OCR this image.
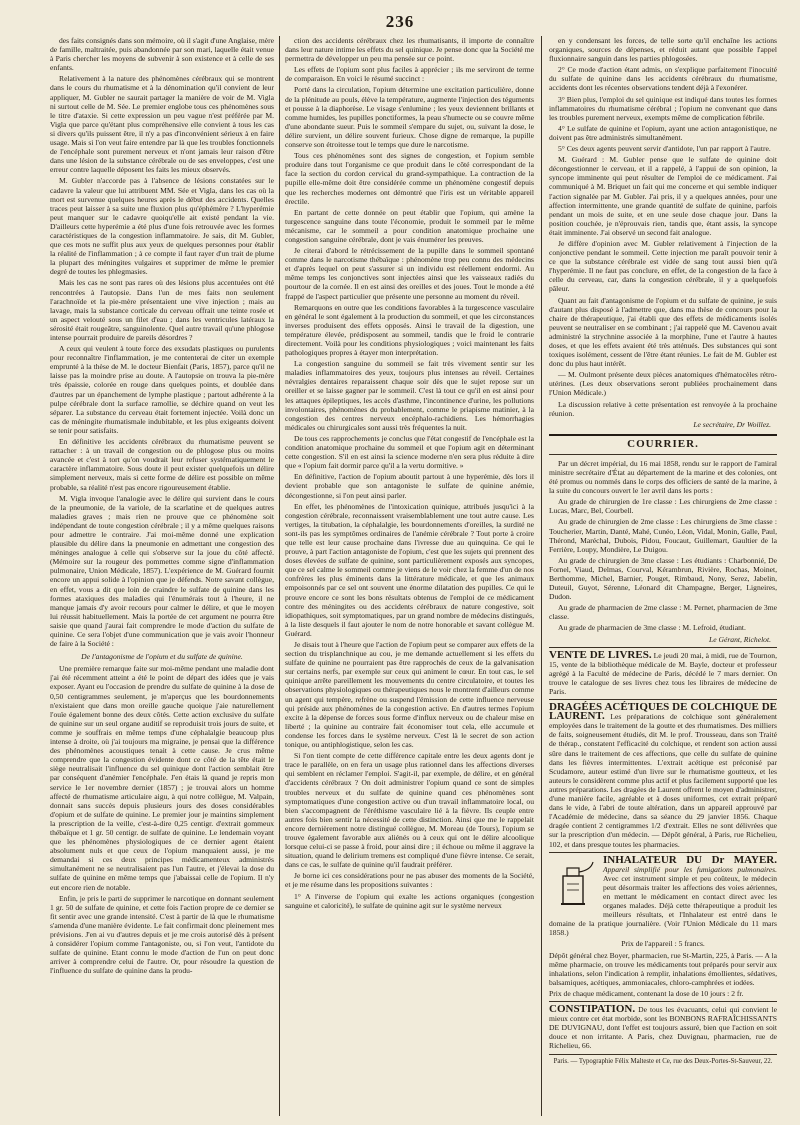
236

des faits consignés dans son mémoire, où il s'agit d'une Anglaise, mère de famille, maltraitée, puis abandonnée par son mari, laquelle était venue à Paris chercher les moyens de subvenir à son existence et à celle de ses enfants.

Relativement à la nature des phénomènes cérébraux qui se montrent dans le cours du rhumatisme et à la dénomination qu'il convient de leur appliquer, M. Gubler ne saurait partager la manière de voir de M. Vigla ni surtout celle de M. Sée. Le premier englobe tous ces phénomènes sous le titre d'ataxie. Si cette expression un peu vague n'est préférée par M. Vigla que parce qu'étant plus compréhensive elle convient à tous les cas si divers qu'ils puissent être, il n'y a pas d'inconvénient sérieux à en faire usage. Mais si l'on veut faire entendre par là que les troubles fonctionnels de l'encéphale sont purement nerveux et n'ont jamais leur raison d'être dans une lésion de la substance cérébrale ou de ses enveloppes, c'est une erreur contre laquelle déposent les faits les mieux observés.

M. Gubler n'accorde pas à l'absence de lésions constatées sur le cadavre la valeur que lui attribuent MM. Sée et Vigla, dans les cas où la mort est survenue quelques heures après le début des accidents. Quelles traces peut laisser à sa suite une fluxion plus qu'éphémère ? L'hyperémie peut manquer sur le cadavre quoiqu'elle ait existé pendant la vie. D'ailleurs cette hyperémie a été plus d'une fois retrouvée avec les formes caractéristiques de la congestion inflammatoire. Je sais, dit M. Gubler, que ces mots ne suffit plus aux yeux de quelques personnes pour établir la réalité de l'inflammation ; à ce compte il faut rayer d'un trait de plume la plupart des méningites vulgaires et supprimer de même le premier degré de toutes les phlegmasies.

Mais les cas ne sont pas rares où des lésions plus accentuées ont été rencontrées à l'autopsie. Dans l'un de mes faits non seulement l'arachnoïde et la pie-mère présentaient une vive injection ; mais au lavage, mais la substance corticale du cerveau offrait une teinte rosée et un aspect velouté sous un filet d'eau ; dans les ventricules latéraux la sérosité était rougeâtre, sanguinolente. Quel autre travail qu'une phlogose intense pourrait produire de pareils désordres ?

A ceux qui veulent à toute force des exsudats plastiques ou purulents pour reconnaître l'inflammation, je me contenterai de citer un exemple emprunté à la thèse de M. le docteur Bienfait (Paris, 1857), parce qu'il ne laisse pas la moindre prise au doute. A l'autopsie on trouva la pie-mère très épaissie, colorée en rouge dans quelques points, et doublée dans d'autres par un épanchement de lymphe plastique ; partout adhérente à la pulpe cérébrale dont la surface ramollie, se déchire quand on veut les séparer. La substance du cerveau était fortement injectée. Voilà donc un cas de méningite rhumatismale indubitable, et les plus exigeants doivent se tenir pour satisfaits.

En définitive les accidents cérébraux du rhumatisme peuvent se rattacher : à un travail de congestion ou de phlogose plus ou moins avancée et c'est à tort qu'on voudrait leur refuser systématiquement le caractère inflammatoire. Sous doute il peut exister quelquefois un délire simplement nerveux, mais si cette forme de délire est possible on même probable, sa réalité n'est pas encore rigoureusement établie.

M. Vigla invoque l'analogie avec le délire qui survient dans le cours de la pneumonie, de la variole, de la scarlatine et de quelques autres maladies graves ; mais rien ne prouve que ce phénomène soit indépendant de toute congestion cérébrale ; il y a même quelques raisons pour admettre le contraire. J'ai moi-même donné une explication plausible du délire dans la pneumonie en admettant une congestion des méninges analogue à celle qui s'observe sur la joue du côté affecté. (Mémoire sur la rougeur des pommettes comme signe d'inflammation pulmonaire, Union Médicale, 1857). L'expérience de M. Guérard fournit encore un appui solide à l'opinion que je défends. Notre savant collègue, en effet, vous a dit que loin de craindre le sulfate de quinine dans les formes ataxiques des maladies qui l'énumérais tout à l'heure, il ne manque jamais d'y avoir recours pour calmer le délire, et que le moyen lui réussit habituellement. Mais la portée de cet argument ne pourra être saisie que quand j'aurai fait comprendre le mode d'action du sulfate de quinine. Ce sera l'objet d'une communication que je vais avoir l'honneur de faire à la Société :

De l'antagonisme de l'opium et du sulfate de quinine.

Une première remarque faite sur moi-même pendant une maladie dont j'ai été récemment atteint a été le point de départ des idées que je vais exposer. Ayant eu l'occasion de prendre du sulfate de quinine à la dose de 0,50 centigrammes seulement, je m'aperçus que les bourdonnements n'existaient que dans mon oreille gauche quoique j'aie naturellement l'ouïe également bonne des deux côtés. Cette action exclusive du sulfate de quinine sur un seul organe auditif se reproduisit trois jours de suite, et comme je souffrais en même temps d'une céphalalgie beaucoup plus intense à droite, où j'ai toujours ma migraine, je pensai que la différence des phénomènes acoustiques tenait à cette cause. Je crus même comprendre que la congestion évidente dont ce côté de la tête était le siège neutralisait l'influence du sel quinique dont l'action semblait être par conséquent d'anémier l'encéphale. J'en étais là quand je repris mon service le 1er novembre dernier (1857) ; je trouvai alors un homme affecté de rhumatisme articulaire aigu, à qui notre collègue, M. Valpain, donnait sans succès depuis plusieurs jours des doses considérables d'opium et de sulfate de quinine. Le premier jour je maintins simplement la prescription de la veille, c'est-à-dire 0,25 centigr. d'extrait gommeux thébaïque et 1 gr. 50 centigr. de sulfate de quinine. Le lendemain voyant que les phénomènes physiologiques de ce dernier agent étaient absolument nuls et que ceux de l'opium manquaient aussi, je me demandai si ces deux principes médicamenteux administrés simultanément ne se neutralisaient pas l'un l'autre, et j'élevai la dose du sulfate de quinine en même temps que j'abaissai celle de l'opium. Il n'y eut encore rien de notable.

Enfin, je pris le parti de supprimer le narcotique en donnant seulement 1 gr. 50 de sulfate de quinine, et cette fois l'action propre de ce dernier se fit sentir avec une grande intensité. C'est à partir de là que le rhumatisme s'amenda d'une manière évidente. Le fait confirmait donc pleinement mes prévisions. J'en ai vu d'autres depuis et je me crois autorisé dès à présent à considérer l'opium comme l'antagoniste, ou, si l'on veut, l'antidote du sulfate de quinine. Etant connu le mode d'action de l'un on peut donc arriver à comprendre celui de l'autre. Or, pour résoudre la question de l'influence du sulfate de quinine dans la produ-

ction des accidents cérébraux chez les rhumatisants, il importe de connaître dans leur nature intime les effets du sel quinique. Je pense donc que la Société me permettra de développer un peu ma pensée sur ce point.

Les effets de l'opium sont plus faciles à apprécier ; ils me serviront de terme de comparaison. En voici le résumé succinct :

Porté dans la circulation, l'opium détermine une excitation particulière, donne de la plénitude au pouls, élève la température, augmente l'injection des téguments et pousse à la diaphorèse. Le visage s'enlumine ; les yeux deviennent brillants et comme humides, les pupilles ponctiformes, la peau s'humecte ou se couvre même d'une abondante sueur. Puis le sommeil s'empare du sujet, ou, suivant la dose, le délire survient, un délire souvent furieux. Chose digne de remarque, la pupille conserve son étroitesse tout le temps que dure le narcotisme.

Tous ces phénomènes sont des signes de congestion, et l'opium semble produire dans tout l'organisme ce que produit dans le côté correspondant de la face la section du cordon cervical du grand-sympathique. La contraction de la pupille elle-même doit être considérée comme un phénomène congestif depuis que les recherches modernes ont démontré que l'iris est un véritable appareil érectile.

En partant de cette donnée on peut établir que l'opium, qui amène la turgescence sanguine dans toute l'économie, produit le sommeil par le même mécanisme, car le sommeil a pour condition anatomique prochaine une congestion sanguine cérébrale, dont je vais énumérer les preuves.

Je citerai d'abord le rétrécissement de la pupille dans le sommeil spontané comme dans le narcotisme thébaïque : phénomène trop peu connu des médecins et d'après lequel on peut s'assurer si un individu est réellement endormi. Au même temps les conjonctives sont injectées ainsi que les vaisseaux radiés du pourtour de la cornée. Il en est ainsi des oreilles et des joues. Tout le monde a été frappé de l'aspect particulier que présente une personne au moment du réveil.

Remarquons en outre que les conditions favorables à la turgescence vasculaire en général le sont également à la production du sommeil, et que les circonstances inverses produisent des effets opposés. Ainsi le travail de la digestion, une température élevée, prédisposent au sommeil, tandis que le froid le contrarie directement. Voilà pour les conditions physiologiques ; voici maintenant les faits pathologiques propres à étayer mon interprétation.

La congestion sanguine du sommeil se fait très vivement sentir sur les maladies inflammatoires des yeux, toujours plus intenses au réveil. Certaines névralgies dentaires reparaissent chaque soir dès que le sujet repose sur un oreiller et se laisse gagner par le sommeil. C'est là tout ce qu'il en est ainsi pour les attaques épileptiques, les accès d'asthme, l'incontinence d'urine, les pollutions involontaires, phénomènes du probablement, comme le priapisme matinier, à la congestion des centres nerveux encéphalo-rachidiens. Les hémorrhagies médicales ou chirurgicales sont aussi très fréquentes la nuit.

De tous ces rapprochements je conclus que l'état congestif de l'encéphale est la condition anatomique prochaine du sommeil et que l'opium agit en déterminant cette congestion. S'il en est ainsi la science moderne n'en sera plus réduite à dire que « l'opium fait dormir parce qu'il a la vertu dormitive. »

En définitive, l'action de l'opium aboutit partout à une hyperémie, dès lors il devient probable que son antagoniste le sulfate de quinine anémie, décongestionne, si l'on peut ainsi parler.

En effet, les phénomènes de l'intoxication quinique, attribués jusqu'ici à la congestion cérébrale, reconnaissent vraisemblablement une tout autre cause. Les vertiges, la titubation, la céphalalgie, les bourdonnements d'oreilles, la surdité ne sont-ils pas les symptômes ordinaires de l'anémie cérébrale ? Tout porte à croire que telle est leur cause prochaine dans l'ivresse due au quinquina. Ce qui le prouve, à part l'action antagoniste de l'opium, c'est que les sujets qui prennent des doses élevées de sulfate de quinine, sont particulièrement exposés aux syncopes, que ce sel calme le sommeil comme je viens de le voir chez la femme d'un de nos confrères les plus éminents dans la littérature médicale, et que les animaux empoisonnés par ce sel ont souvent une énorme dilatation des pupilles. Ce qui le prouve encore ce sont les bons résultats obtenus de l'emploi de ce médicament contre des méningites ou des accidents cérébraux de nature congestive, soit idiopathiques, soit symptomatiques, par un grand nombre de médecins distingués, à la liste desquels il faut ajouter le nom de notre honorable et savant collègue M. Guérard.

Je disais tout à l'heure que l'action de l'opium peut se comparer aux effets de la section du trisplanchnique au cou, je me demande actuellement si les effets du sulfate de quinine ne pourraient pas être rapprochés de ceux de la galvanisation sur certains nerfs, par exemple sur ceux qui animent le cœur. En tout cas, le sel quinique arrête pareillement les mouvements du centre circulatoire, et toutes les observations physiologiques ou thérapeutiques nous le montrent d'ailleurs comme un agent qui tempère, refrène ou suspend l'émission de cette influence nerveuse qui préside aux phénomènes de la congestion active. En d'autres termes l'opium excite à la dépense de forces sous forme d'influx nerveux ou de chaleur mise en liberté ; la quinine au contraire fait économiser tout cela, elle accumule et condense les forces dans le système nerveux. C'est là le secret de son action tonique, ou antiphlogistique, selon les cas.

Si l'on tient compte de cette différence capitale entre les deux agents dont je trace le parallèle, on en fera un usage plus rationnel dans les affections diverses qui semblent en réclamer l'emploi. S'agit-il, par exemple, de délire, et en général d'accidents cérébraux ? On doit administrer l'opium quand ce sont de simples troubles nerveux et du sulfate de quinine quand ces phénomènes sont symptomatiques d'une congestion active ou d'un travail inflammatoire local, ou bien s'accompagnent de l'éréthisme vasculaire lié à la fièvre. Ils ceuple entre autres fois bien sentir la nécessité de cette distinction. Ainsi que me le rappelait encore dernièrement notre distingué collègue, M. Moreau (de Tours), l'opium se trouve également favorable aux aliénés ou à ceux qui ont le délire alcoolique lorsque celui-ci se passe à froid, pour ainsi dire ; il échoue ou même il aggrave la situation, quand le delirium tremens est compliqué d'une fièvre intense. Ce serait, dans ce cas, le sulfate de quinine qu'il faudrait préférer.

Je borne ici ces considérations pour ne pas abuser des moments de la Société, et je me résume dans les propositions suivantes :

1° A l'inverse de l'opium qui exalte les actions organiques (congestion sanguine et caloricité), le sulfate de quinine agit sur le système nerveux

en y condensant les forces, de telle sorte qu'il enchaîne les actions organiques, sources de dépenses, et réduit autant que possible l'appel fluxionnaire sanguin dans les parties phlogosées.

2° Ce mode d'action étant admis, on s'explique parfaitement l'inocuité du sulfate de quinine dans les accidents cérébraux du rhumatisme, accidents dont les récentes observations tendent déjà à l'exonérer.

3° Bien plus, l'emploi du sel quinique est indiqué dans toutes les formes inflammatoires du rhumatisme cérébral ; l'opium ne convenant que dans les troubles purement nerveux, exempts même de complication fébrile.

4° Le sulfate de quinine et l'opium, ayant une action antagonistique, ne doivent pas être administrés simultanément.

5° Ces deux agents peuvent servir d'antidote, l'un par rapport à l'autre.

M. Guérard : M. Gubler pense que le sulfate de quinine doit décongestionner le cerveau, et il a rappelé, à l'appui de son opinion, la syncope imminente qui peut résulter de l'emploi de ce médicament. J'ai communiqué à M. Briquet un fait qui me concerne et qui semble indiquer l'action signalée par M. Gubler. J'ai pris, il y a quelques années, pour une affection intermittente, une grande quantité de sulfate de quinine, parfois pendant un mois de suite, et en une seule dose chaque jour. Dans la position couchée, je n'éprouvais rien, tandis que, étant assis, la syncope était imminente. J'ai observé un second fait analogue.

Je diffère d'opinion avec M. Gubler relativement à l'injection de la conjonctive pendant le sommeil. Cette injection me paraît pouvoir tenir à ce que la substance cérébrale est vidée de sang tout aussi bien qu'à l'hyperémie. Il ne faut pas conclure, en effet, de la congestion de la face à celle du cerveau, car, dans la congestion cérébrale, il y a quelquefois pâleur.

Quant au fait d'antagonisme de l'opium et du sulfate de quinine, je suis d'autant plus disposé à l'admettre que, dans ma thèse de concours pour la chaire de thérapeutique, j'ai établi que des effets de médicaments isolés peuvent se neutraliser en se combinant ; j'ai rappelé que M. Cavenou avait administré la strychnine associée à la morphine, l'une et l'autre à hautes doses, et que les effets avaient été très atténués. Des substances qui sont toxiques isolément, cessent de l'être étant réunies. Le fait de M. Gubler est donc du plus haut intérêt.

— M. Oulmont présente deux pièces anatomiques d'hématocèles rétro-utérines. (Les deux observations seront publiées prochainement dans l'Union Médicale.)

La discussion relative à cette présentation est renvoyée à la prochaine réunion.

Le secrétaire, Dr Woillez.

COURRIER.

Par un décret impérial, du 16 mai 1858, rendu sur le rapport de l'amiral ministre secrétaire d'État au département de la marine et des colonies, ont été promus ou nommés dans le corps des officiers de santé de la marine, à la suite du concours ouvert le 1er avril dans les ports :

Au grade de chirurgien de 1re classe : Les chirurgiens de 2me classe : Lucas, Marc, Bel, Courbell.

Au grade de chirurgien de 2me classe : Les chirurgiens de 3me classe : Toucherier, Martin, Danté, Mahé, Cunéo, Léon, Vidal, Monin, Galle, Paul, Thérond, Maréchal, Dubois, Pidou, Foucaut, Guillemart, Gaultier de la Ferrière, Loupy, Mondière, Le Duigou.

Au grade de chirurgien de 3me classe : Les étudiants : Charbonnié, De Fornel, Viaud, Delmas, Courval, Kérambrun, Rivière, Rochas, Moinet, Berthomme, Michel, Barnier, Pouget, Rimbaud, Nony, Serez, Jabelin, Duteuil, Guyot, Sérenne, Léonard dit Champagne, Berger, Ligneires, Dudon.

Au grade de pharmacien de 2me classe : M. Pernet, pharmacien de 3me classe.

Au grade de pharmacien de 3me classe : M. Lefroid, étudiant.

Le Gérant, Richelot.

VENTE DE LIVRES. Le jeudi 20 mai, à midi, rue de Tournon, 15, vente de la bibliothèque médicale de M. Bayle, docteur et professeur agrégé à la Faculté de médecine de Paris, décédé le 7 mars dernier. On trouve le catalogue de ses livres chez tous les libraires de médecine de Paris.

DRAGÉES ACÉTIQUES DE COLCHIQUE DE LAURENT. Les préparations de colchique sont généralement employées dans le traitement de la goutte et des rhumatismes. Des milliers de faits, soigneusement étudiés, dit M. le prof. Trousseau, dans son Traité de thérap., constatent l'efficacité du colchique, et rendent son action aussi sûre dans le traitement de ces affections, que celle du sulfate de quinine dans les fièvres intermittentes. L'extrait acétique est préconisé par Scudamore, auteur estimé d'un livre sur le rhumatisme goutteux, et les auteurs le considèrent comme plus actif et plus facilement supporté que les autres préparations. Les dragées de Laurent offrent le moyen d'administrer, d'une manière facile, agréable et à doses uniformes, cet extrait préparé dans le vide, à l'abri de toute altération, dans un appareil approuvé par l'Académie de médecine, dans sa séance du 29 janvier 1856. Chaque dragée contient 2 centigrammes 1/2 d'extrait. Elles ne sont délivrées que sur la prescription d'un médecin. — Dépôt général, à Paris, rue Richelieu, 102, et dans presque toutes les pharmacies.

INHALATEUR DU Dr MAYER. Appareil simplifié pour les fumigations pulmonaires. Avec cet instrument simple et peu coûteux, le médecin peut désormais traiter les affections des voies aériennes, en mettant le médicament en contact direct avec les organes malades. Déjà cette thérapeutique a produit les meilleurs résultats, et l'Inhalateur est entré dans le domaine de la pratique journalière. (Voir l'Union Médicale du 11 mars 1858.)

Prix de l'appareil : 5 francs.

Dépôt général chez Boyer, pharmacien, rue St-Martin, 225, à Paris. — A la même pharmacie, on trouve les médicaments tout préparés pour servir aux inhalations, selon l'indication à remplir, inhalations émollientes, sédatives, balsamiques, acétiques, ammoniacales, chloro-camphrées et iodées.

Prix de chaque médicament, contenant la dose de 10 jours : 2 fr.

CONSTIPATION. De tous les évacuants, celui qui convient le mieux contre cet état morbide, sont les BONBONS RAFRAÎCHISSANTS DE DUVIGNAU, dont l'effet est toujours assuré, bien que l'action en soit douce et non irritante. A Paris, chez Duvignau, pharmacien, rue de Richelieu, 66.

Paris. — Typographie Félix Malteste et Ce, rue des Deux-Portes-St-Sauveur, 22.
